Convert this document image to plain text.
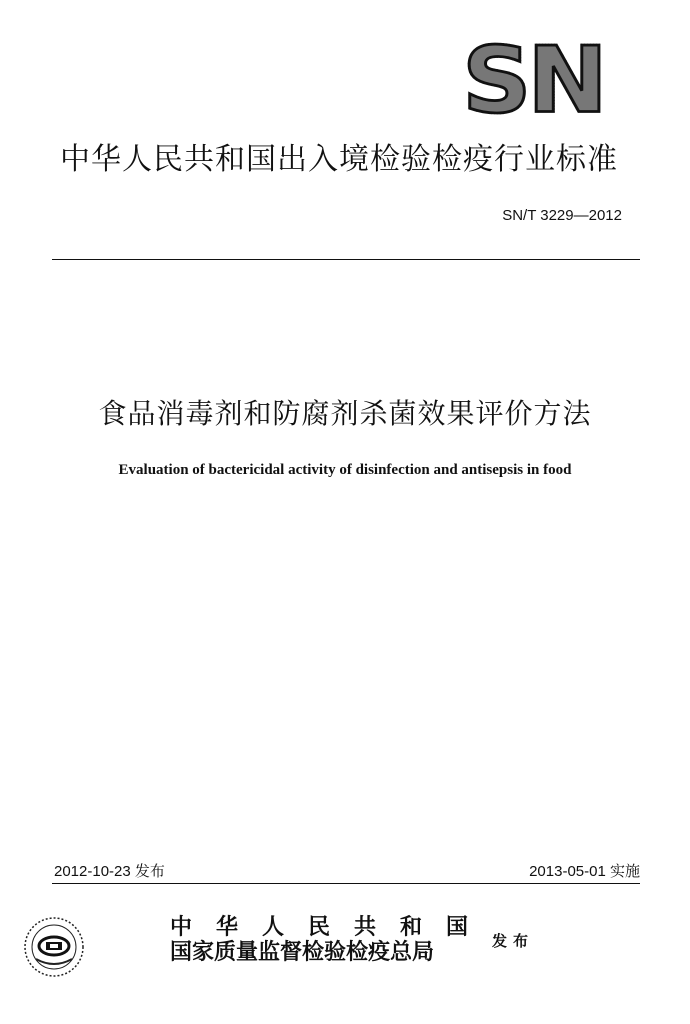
SN
中华人民共和国出入境检验检疫行业标准
SN/T 3229—2012
食品消毒剂和防腐剂杀菌效果评价方法
Evaluation of bactericidal activity of disinfection and antisepsis in food
2012-10-23 发布	2013-05-01 实施
中华人民共和国
国家质量监督检验检疫总局	发布
